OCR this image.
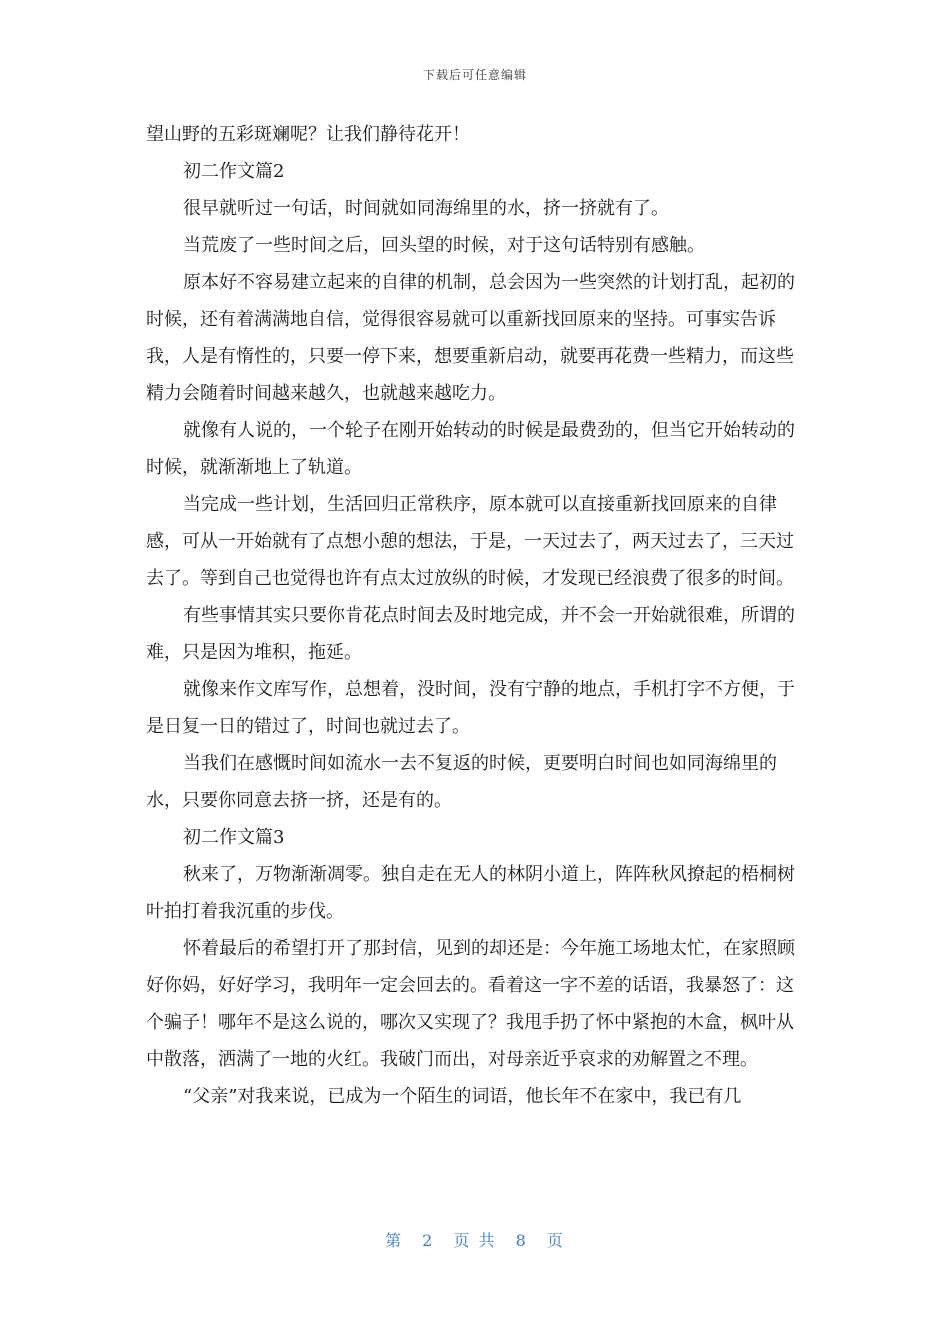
下载后可任意编辑

望山野的五彩斑斓呢？让我们静待花开！

初二作文篇2

很早就听过一句话，时间就如同海绵里的水，挤一挤就有了。

当荒废了一些时间之后，回头望的时候，对于这句话特别有感触。

原本好不容易建立起来的自律的机制，总会因为一些突然的计划打乱，起初的时候，还有着满满地自信，觉得很容易就可以重新找回原来的坚持。可事实告诉我，人是有惰性的，只要一停下来，想要重新启动，就要再花费一些精力，而这些精力会随着时间越来越久，也就越来越吃力。

就像有人说的，一个轮子在刚开始转动的时候是最费劲的，但当它开始转动的时候，就渐渐地上了轨道。

当完成一些计划，生活回归正常秩序，原本就可以直接重新找回原来的自律感，可从一开始就有了点想小憩的想法，于是，一天过去了，两天过去了，三天过去了。等到自己也觉得也许有点太过放纵的时候，才发现已经浪费了很多的时间。

有些事情其实只要你肯花点时间去及时地完成，并不会一开始就很难，所谓的难，只是因为堆积，拖延。

就像来作文库写作，总想着，没时间，没有宁静的地点，手机打字不方便，于是日复一日的错过了，时间也就过去了。

当我们在感慨时间如流水一去不复返的时候，更要明白时间也如同海绵里的水，只要你同意去挤一挤，还是有的。

初二作文篇3

秋来了，万物渐渐凋零。独自走在无人的林阴小道上，阵阵秋风撩起的梧桐树叶拍打着我沉重的步伐。

怀着最后的希望打开了那封信，见到的却还是：今年施工场地太忙，在家照顾好你妈，好好学习，我明年一定会回去的。看着这一字不差的话语，我暴怒了：这个骗子！哪年不是这么说的，哪次又实现了？我甩手扔了怀中紧抱的木盒，枫叶从中散落，洒满了一地的火红。我破门而出，对母亲近乎哀求的劝解置之不理。

“父亲”对我来说，已成为一个陌生的词语，他长年不在家中，我已有几

第 2 页 共 8 页
